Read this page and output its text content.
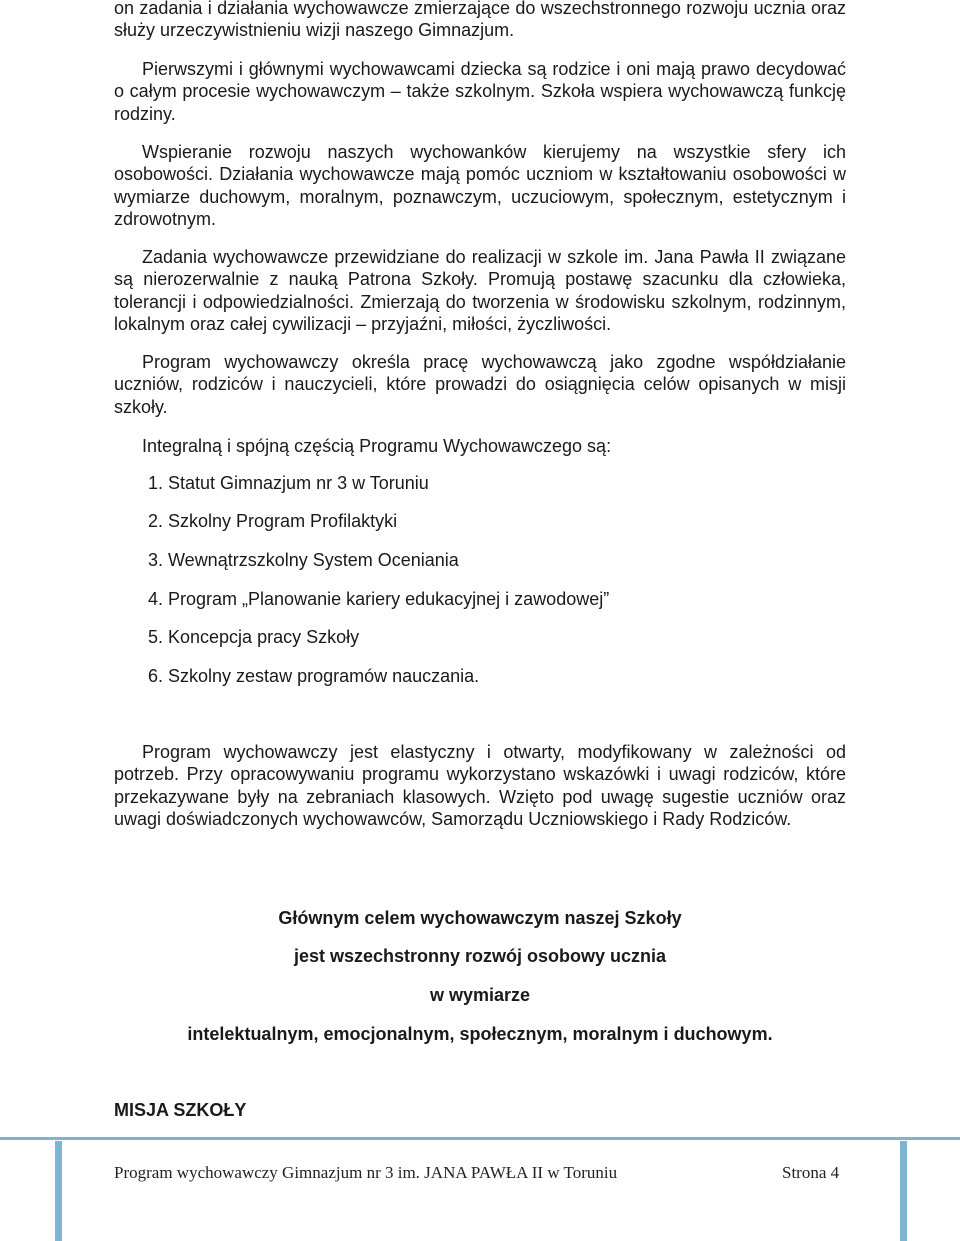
on zadania i działania wychowawcze zmierzające do wszechstronnego rozwoju ucznia oraz służy urzeczywistnieniu wizji naszego Gimnazjum.

Pierwszymi i głównymi wychowawcami dziecka są rodzice i oni mają prawo decydować o całym procesie wychowawczym – także szkolnym. Szkoła wspiera wychowawczą funkcję rodziny.

Wspieranie rozwoju naszych wychowanków kierujemy na wszystkie sfery ich osobowości. Działania wychowawcze mają pomóc uczniom w kształtowaniu osobowości w wymiarze duchowym, moralnym, poznawczym, uczuciowym, społecznym, estetycznym i zdrowotnym.

Zadania wychowawcze przewidziane do realizacji w szkole im. Jana Pawła II związane są nierozerwalnie z nauką Patrona Szkoły. Promują postawę szacunku dla człowieka, tolerancji i odpowiedzialności. Zmierzają do tworzenia w środowisku szkolnym, rodzinnym, lokalnym oraz całej cywilizacji – przyjaźni, miłości, życzliwości.

Program wychowawczy określa pracę wychowawczą jako zgodne współdziałanie uczniów, rodziców i nauczycieli, które prowadzi do osiągnięcia celów opisanych w misji szkoły.

Integralną i spójną częścią Programu Wychowawczego są:

1. Statut Gimnazjum nr 3 w Toruniu
2. Szkolny Program Profilaktyki
3. Wewnątrzszkolny System Oceniania
4. Program „Planowanie kariery edukacyjnej i zawodowej”
5. Koncepcja pracy Szkoły
6. Szkolny zestaw programów nauczania.

Program wychowawczy jest elastyczny i otwarty, modyfikowany w zależności od potrzeb. Przy opracowywaniu programu wykorzystano wskazówki i uwagi rodziców, które przekazywane były na zebraniach klasowych. Wzięto pod uwagę sugestie uczniów oraz uwagi doświadczonych wychowawców, Samorządu Uczniowskiego i Rady Rodziców.

Głównym celem wychowawczym naszej Szkoły
jest wszechstronny rozwój osobowy ucznia
w wymiarze
intelektualnym, emocjonalnym, społecznym, moralnym i duchowym.
MISJA SZKOŁY
Program wychowawczy Gimnazjum nr 3 im. JANA PAWŁA II w Toruniu	Strona 4
